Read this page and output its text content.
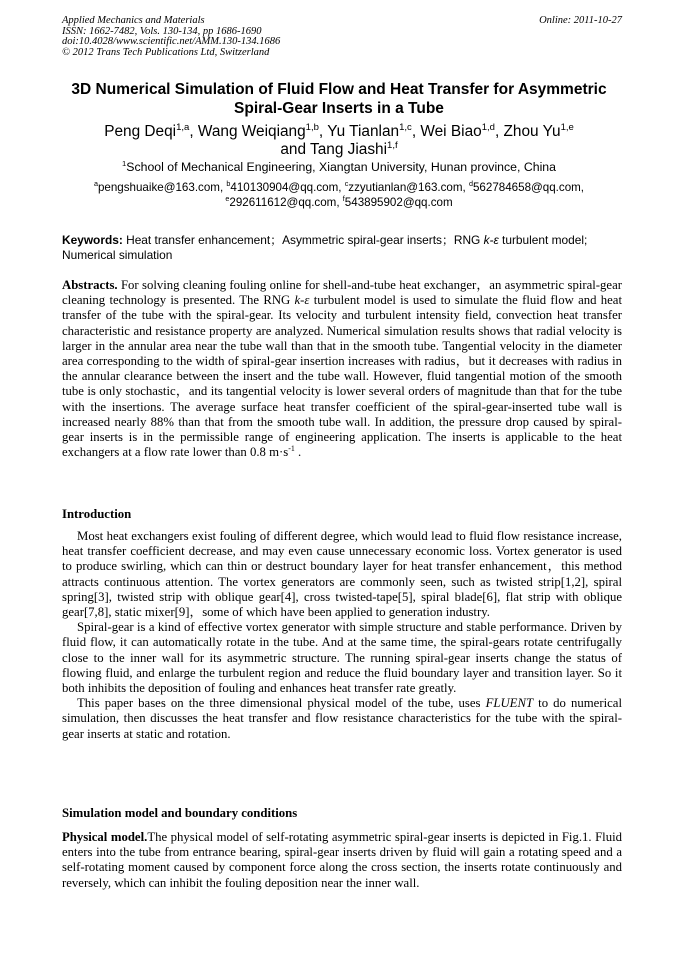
Applied Mechanics and Materials	Online: 2011-10-27
ISSN: 1662-7482, Vols. 130-134, pp 1686-1690
doi:10.4028/www.scientific.net/AMM.130-134.1686
© 2012 Trans Tech Publications Ltd, Switzerland
3D Numerical Simulation of Fluid Flow and Heat Transfer for Asymmetric
Spiral-Gear Inserts in a Tube
Peng Deqi$^{1,a}$, Wang Weiqiang$^{1,b}$, Yu Tianlan$^{1,c}$, Wei Biao$^{1,d}$, Zhou Yu$^{1,e}$
and Tang Jiashi$^{1,f}$
$^1$School of Mechanical Engineering, Xiangtan University, Hunan province, China
$^a$pengshuaike@163.com, $^b$410130904@qq.com, $^c$zzyutianlan@163.com, $^d$562784658@qq.com,
$^e$292611612@qq.com, $^f$543895902@qq.com
Keywords: Heat transfer enhancement；Asymmetric spiral-gear inserts；RNG k-ε turbulent model; Numerical simulation

Abstracts. For solving cleaning fouling online for shell-and-tube heat exchanger，an asymmetric spiral-gear cleaning technology is presented. The RNG k-ε turbulent model is used to simulate the fluid flow and heat transfer of the tube with the spiral-gear. Its velocity and turbulent intensity field, convection heat transfer characteristic and resistance property are analyzed. Numerical simulation results shows that radial velocity is larger in the annular area near the tube wall than that in the smooth tube. Tangential velocity in the diameter area corresponding to the width of spiral-gear insertion increases with radius，but it decreases with radius in the annular clearance between the insert and the tube wall. However, fluid tangential motion of the smooth tube is only stochastic，and its tangential velocity is lower several orders of magnitude than that for the tube with the insertions. The average surface heat transfer coefficient of the spiral-gear-inserted tube wall is increased nearly 88% than that from the smooth tube wall. In addition, the pressure drop caused by spiral-gear inserts is in the permissible range of engineering application. The inserts is applicable to the heat exchangers at a flow rate lower than 0.8 $m\cdot s^{-1}$ .

Introduction

Most heat exchangers exist fouling of different degree, which would lead to fluid flow resistance increase, heat transfer coefficient decrease, and may even cause unnecessary economic loss. Vortex generator is used to produce swirling, which can thin or destruct boundary layer for heat transfer enhancement，this method attracts continuous attention. The vortex generators are commonly seen, such as twisted strip[1,2], spiral spring[3], twisted strip with oblique gear[4], cross twisted-tape[5], spiral blade[6], flat strip with oblique gear[7,8], static mixer[9]，some of which have been applied to generation industry.

Spiral-gear is a kind of effective vortex generator with simple structure and stable performance. Driven by fluid flow, it can automatically rotate in the tube. And at the same time, the spiral-gears rotate centrifugally close to the inner wall for its asymmetric structure. The running spiral-gear inserts change the status of flowing fluid, and enlarge the turbulent region and reduce the fluid boundary layer and transition layer. So it both inhibits the deposition of fouling and enhances heat transfer rate greatly.

This paper bases on the three dimensional physical model of the tube, uses FLUENT to do numerical simulation, then discusses the heat transfer and flow resistance characteristics for the tube with the spiral-gear inserts at static and rotation.

Simulation model and boundary conditions

Physical model.The physical model of self-rotating asymmetric spiral-gear inserts is depicted in Fig.1. Fluid enters into the tube from entrance bearing, spiral-gear inserts driven by fluid will gain a rotating speed and a self-rotating moment caused by component force along the cross section, the inserts rotate continuously and reversely, which can inhibit the fouling deposition near the inner wall.
